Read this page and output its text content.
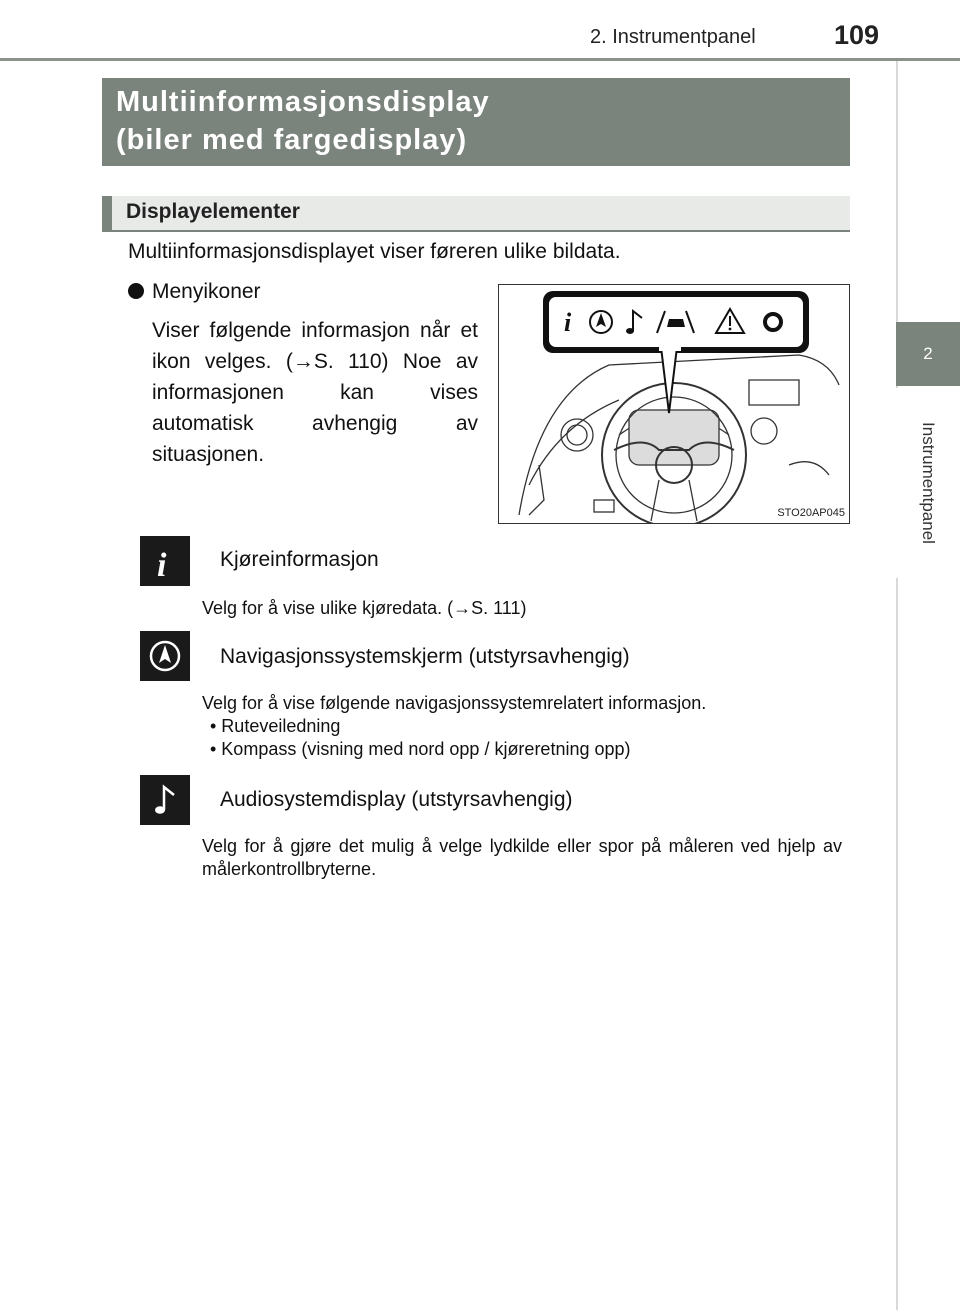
2. Instrumentpanel	109
2
Instrumentpanel
Multiinformasjonsdisplay
(biler med fargedisplay)
Displayelementer
Multiinformasjonsdisplayet viser føreren ulike bildata.
Menyikoner
Viser følgende informasjon når et ikon velges. (→S. 110) Noe av informasjonen kan vises automatisk avhengig av situasjonen.
i
STO20AP045
i	Kjøreinformasjon
Velg for å vise ulike kjøredata. (→S. 111)
Navigasjonssystemskjerm (utstyrsavhengig)
Velg for å vise følgende navigasjonssystemrelatert informasjon.
• Ruteveiledning
• Kompass (visning med nord opp / kjøreretning opp)
Audiosystemdisplay (utstyrsavhengig)
Velg for å gjøre det mulig å velge lydkilde eller spor på måleren ved hjelp av målerkontrollbryterne.
